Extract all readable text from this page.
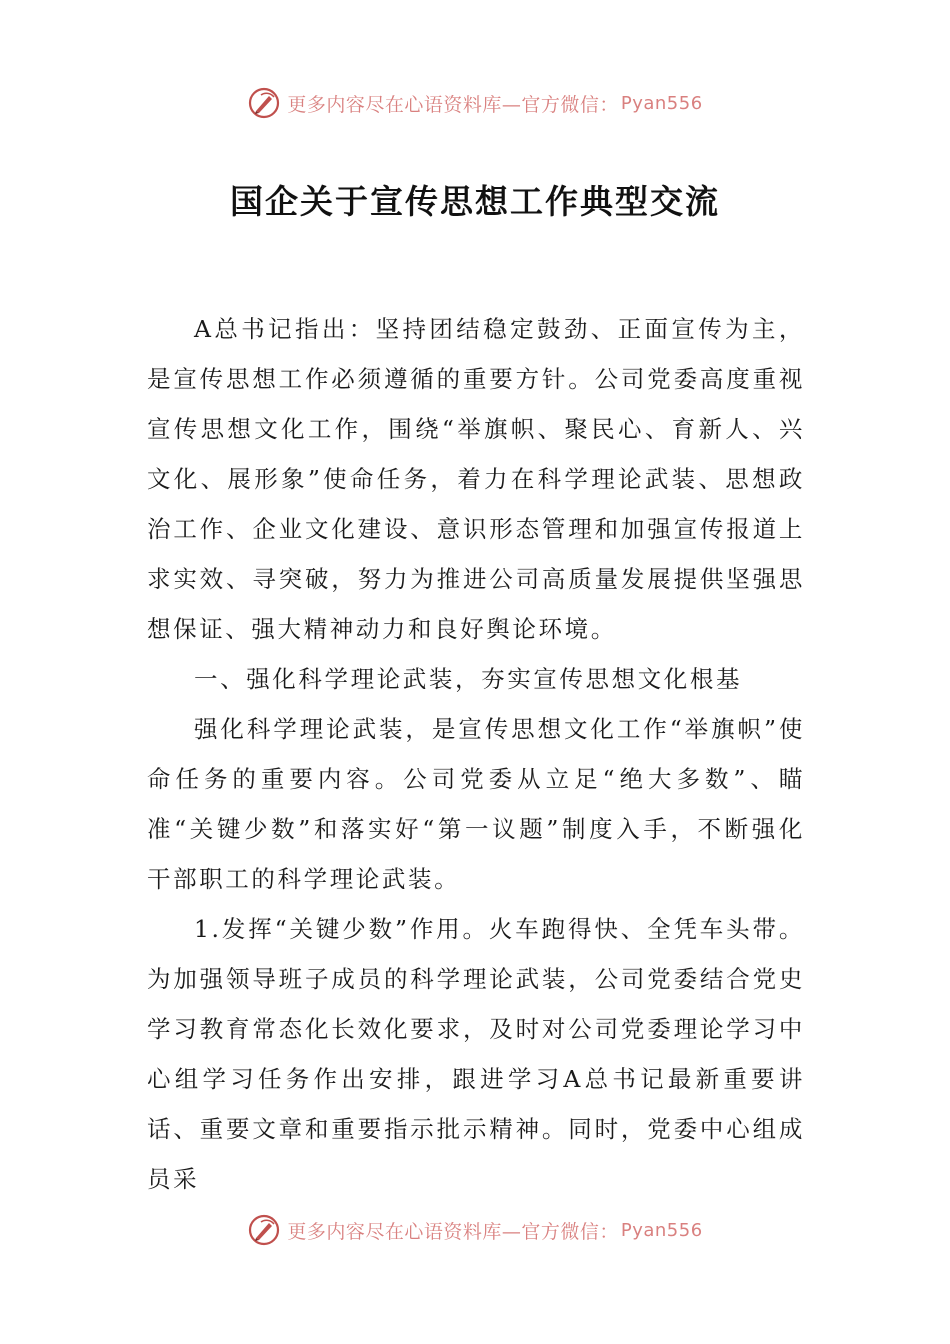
更多内容尽在心语资料库—官方微信： Pyan556
国企关于宣传思想工作典型交流

A总书记指出：坚持团结稳定鼓劲、正面宣传为主，是宣传思想工作必须遵循的重要方针。公司党委高度重视宣传思想文化工作，围绕“举旗帜、聚民心、育新人、兴文化、展形象”使命任务，着力在科学理论武装、思想政治工作、企业文化建设、意识形态管理和加强宣传报道上求实效、寻突破，努力为推进公司高质量发展提供坚强思想保证、强大精神动力和良好舆论环境。

一、强化科学理论武装，夯实宣传思想文化根基

强化科学理论武装，是宣传思想文化工作“举旗帜”使命任务的重要内容。公司党委从立足“绝大多数”、瞄准“关键少数”和落实好“第一议题”制度入手，不断强化干部职工的科学理论武装。

1.发挥“关键少数”作用。火车跑得快、全凭车头带。为加强领导班子成员的科学理论武装，公司党委结合党史学习教育常态化长效化要求，及时对公司党委理论学习中心组学习任务作出安排，跟进学习A总书记最新重要讲话、重要文章和重要指示批示精神。同时，党委中心组成员采

更多内容尽在心语资料库—官方微信： Pyan556
